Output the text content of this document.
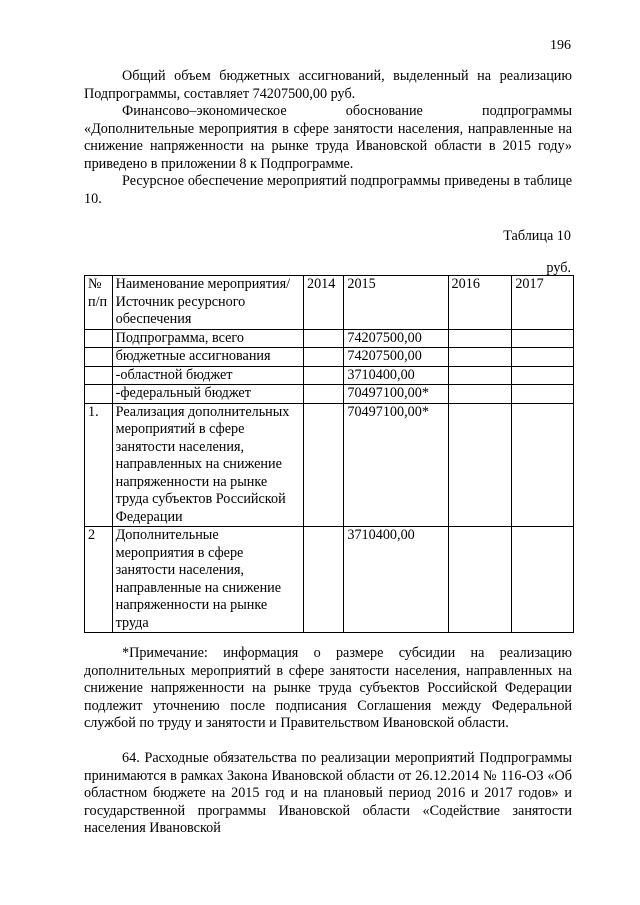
196

Общий объем бюджетных ассигнований, выделенный на реализацию Подпрограммы, составляет 74207500,00 руб.

Финансово–экономическое обоснование подпрограммы
«Дополнительные мероприятия в сфере занятости населения, направленные на снижение напряженности на рынке труда Ивановской области в 2015 году» приведено в приложении 8 к Подпрограмме.

Ресурсное обеспечение мероприятий подпрограммы приведены в таблице 10.

Таблица 10
руб.
№ п/п	Наименование мероприятия/ Источник ресурсного обеспечения	2014	2015	2016	2017
	Подпрограмма, всего		74207500,00		
	бюджетные ассигнования		74207500,00		
	-областной бюджет		3710400,00		
	-федеральный бюджет		70497100,00*		
1.	Реализация дополнительных мероприятий в сфере занятости населения, направленных на снижение напряженности на рынке труда субъектов Российской Федерации		70497100,00*		
2	Дополнительные мероприятия в сфере занятости населения, направленные на снижение напряженности на рынке труда		3710400,00		

*Примечание: информация о размере субсидии на реализацию дополнительных мероприятий в сфере занятости населения, направленных на снижение напряженности на рынке труда субъектов Российской Федерации подлежит уточнению после подписания Соглашения между Федеральной службой по труду и занятости и Правительством Ивановской области.

64. Расходные обязательства по реализации мероприятий Подпрограммы принимаются в рамках Закона Ивановской области от 26.12.2014 № 116-ОЗ «Об областном бюджете на 2015 год и на плановый период 2016 и 2017 годов» и государственной программы Ивановской области «Содействие занятости населения Ивановской
